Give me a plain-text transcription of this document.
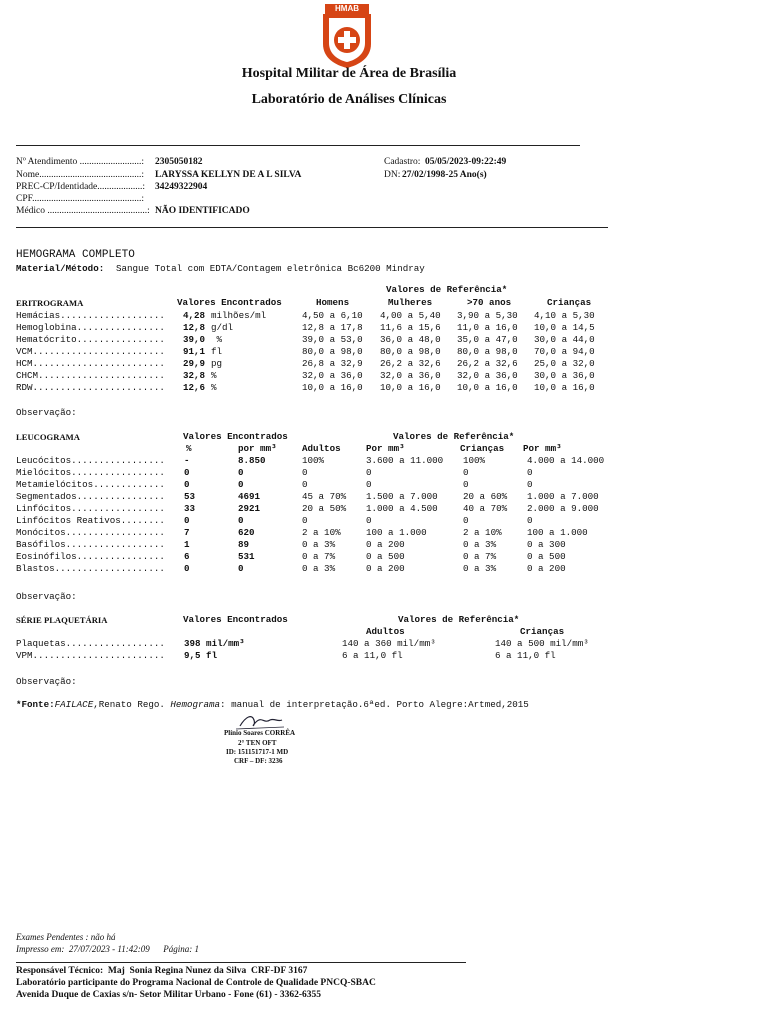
HMAB
Hospital Militar de Área de Brasília
Laboratório de Análises Clínicas
Nº Atendimento ..........................: 2305050182
Nome...........................................: LARYSSA KELLYN DE A L SILVA
PREC-CP/Identidade...................: 34249322904
CPF..............................................:
Médico ..........................................: NÃO IDENTIFICADO
Cadastro: 05/05/2023-09:22:49
DN: 27/02/1998-25 Ano(s)
HEMOGRAMA COMPLETO
Material/Método: Sangue Total com EDTA/Contagem eletrônica Bc6200 Mindray
Valores de Referência*
ERITROGRAMA	Valores Encontrados	Homens	Mulheres	>70 anos	Crianças
Hemácias................... 4,28 milhões/ml	4,50 a 6,10 4,00 a 5,40 3,90 a 5,30 4,10 a 5,30
Hemoglobina................ 12,8 g/dl	12,8 a 17,8 11,6 a 15,6 11,0 a 16,0 10,0 a 14,5
Hematócrito................ 39,0 %	39,0 a 53,0 36,0 a 48,0 35,0 a 47,0 30,0 a 44,0
VCM........................ 91,1 fl	80,0 a 98,0 80,0 a 98,0 80,0 a 98,0 70,0 a 94,0
HCM........................ 29,9 pg	26,8 a 32,9 26,2 a 32,6 26,2 a 32,6 25,0 a 32,0
CHCM....................... 32,8 %	32,0 a 36,0 32,0 a 36,0 32,0 a 36,0 30,0 a 36,0
RDW........................ 12,6 %	10,0 a 16,0 10,0 a 16,0 10,0 a 16,0 10,0 a 16,0
Observação:
LEUCOGRAMA	Valores Encontrados	Valores de Referência*
%	por mm³	Adultos	Por mm³	Crianças Por mm³
Leucócitos................. -	8.850	100%	3.600 a 11.000 100%	4.000 a 14.000
Mielócitos................. 0	0	0	0	0	0
Metamielócitos............. 0	0	0	0	0	0
Segmentados................ 53	4691	45 a 70% 1.500 a 7.000	20 a 60% 1.000 a 7.000
Linfócitos................. 33	2921	20 a 50% 1.000 a 4.500	40 a 70% 2.000 a 9.000
Linfócitos Reativos........ 0	0	0	0	0	0
Monócitos.................. 7	620	2 a 10%	100 a 1.000	2 a 10%	100 a 1.000
Basófilos.................. 1	89	0 a 3%	0 a 200	0 a 3%	0 a 300
Eosinófilos................ 6	531	0 a 7%	0 a 500	0 a 7%	0 a 500
Blastos.................... 0	0	0 a 3%	0 a 200	0 a 3%	0 a 200
Observação:
SÉRIE PLAQUETÁRIA	Valores Encontrados	Valores de Referência*
Adultos	Crianças
Plaquetas.................. 398 mil/mm³	140 a 360 mil/mm³	140 a 500 mil/mm³
VPM........................ 9,5 fl	6 a 11,0 fl	6 a 11,0 fl
Observação:
*Fonte:FAILACE,Renato Rego. Hemograma: manual de interpretação.6ªed. Porto Alegre:Artmed,2015
Plínio Soares CORRÊA
2° TEN OFT
ID: 151151717-1 MD
CRF – DF: 3236
Exames Pendentes : não há
Impresso em:  27/07/2023 - 11:42:09      Página: 1
Responsável Técnico:  Maj  Sonia Regina Nunez da Silva  CRF-DF 3167
Laboratório participante do Programa Nacional de Controle de Qualidade PNCQ-SBAC
Avenida Duque de Caxias s/n- Setor Militar Urbano - Fone (61) - 3362-6355
